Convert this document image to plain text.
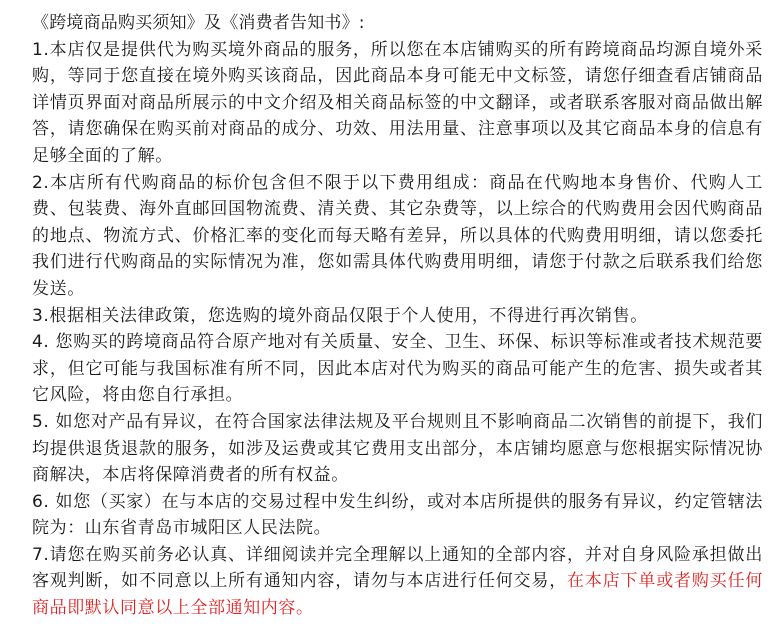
《跨境商品购买须知》及《消费者告知书》:

1.本店仅是提供代为购买境外商品的服务，所以您在本店铺购买的所有跨境商品均源自境外采购，等同于您直接在境外购买该商品，因此商品本身可能无中文标签，请您仔细查看店铺商品详情页界面对商品所展示的中文介绍及相关商品标签的中文翻译，或者联系客服对商品做出解答，请您确保在购买前对商品的成分、功效、用法用量、注意事项以及其它商品本身的信息有足够全面的了解。

2.本店所有代购商品的标价包含但不限于以下费用组成：商品在代购地本身售价、代购人工费、包装费、海外直邮回国物流费、清关费、其它杂费等，以上综合的代购费用会因代购商品的地点、物流方式、价格汇率的变化而每天略有差异，所以具体的代购费用明细，请以您委托我们进行代购商品的实际情况为准，您如需具体代购费用明细，请您于付款之后联系我们给您发送。

3.根据相关法律政策，您选购的境外商品仅限于个人使用，不得进行再次销售。

4. 您购买的跨境商品符合原产地对有关质量、安全、卫生、环保、标识等标准或者技术规范要求，但它可能与我国标准有所不同，因此本店对代为购买的商品可能产生的危害、损失或者其它风险，将由您自行承担。

5. 如您对产品有异议，在符合国家法律法规及平台规则且不影响商品二次销售的前提下，我们均提供退货退款的服务，如涉及运费或其它费用支出部分，本店铺均愿意与您根据实际情况协商解决，本店将保障消费者的所有权益。

6. 如您（买家）在与本店的交易过程中发生纠纷，或对本店所提供的服务有异议，约定管辖法院为：山东省青岛市城阳区人民法院。

7.请您在购买前务必认真、详细阅读并完全理解以上通知的全部内容，并对自身风险承担做出客观判断，如不同意以上所有通知内容，请勿与本店进行任何交易，在本店下单或者购买任何商品即默认同意以上全部通知内容。
